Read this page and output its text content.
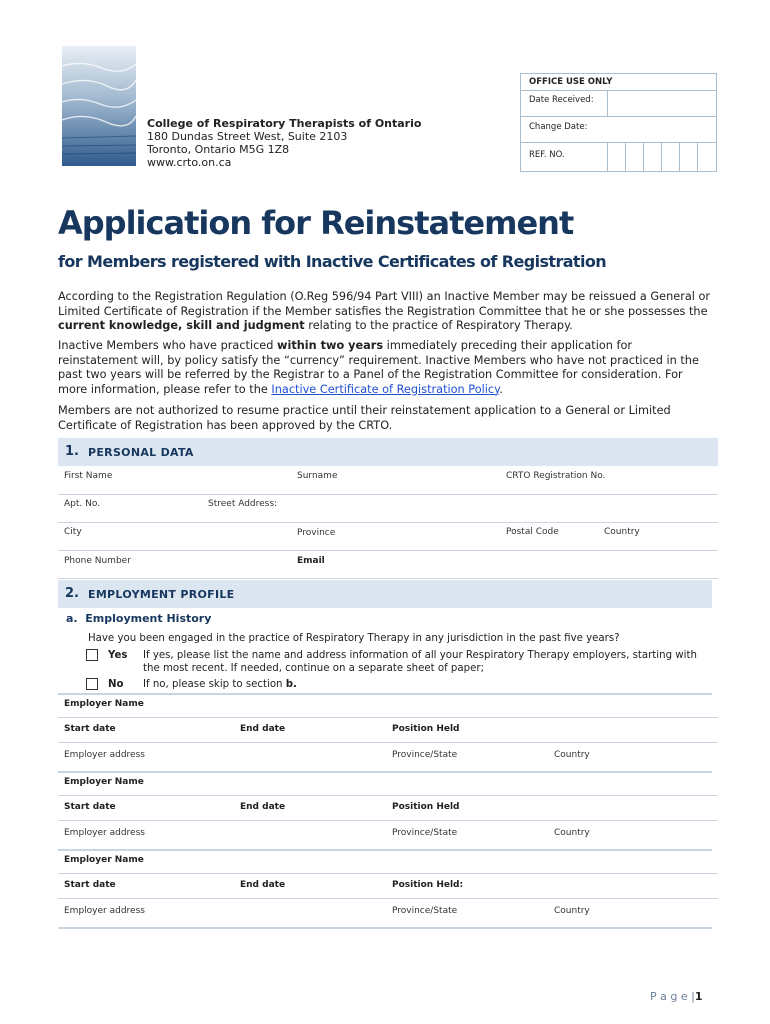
College of Respiratory Therapists of Ontario
180 Dundas Street West, Suite 2103
Toronto, Ontario M5G 1Z8
www.crto.on.ca
OFFICE USE ONLY
Date Received:
Change Date:
REF. NO.
Application for Reinstatement
for Members registered with Inactive Certificates of Registration
According to the Registration Regulation (O.Reg 596/94 Part VIII) an Inactive Member may be reissued a General or Limited Certificate of Registration if the Member satisfies the Registration Committee that he or she possesses the current knowledge, skill and judgment relating to the practice of Respiratory Therapy.
Inactive Members who have practiced within two years immediately preceding their application for reinstatement will, by policy satisfy the “currency” requirement. Inactive Members who have not practiced in the past two years will be referred by the Registrar to a Panel of the Registration Committee for consideration. For more information, please refer to the Inactive Certificate of Registration Policy.
Members are not authorized to resume practice until their reinstatement application to a General or Limited Certificate of Registration has been approved by the CRTO.
1. PERSONAL DATA
First Name	Surname	CRTO Registration No.
Apt. No.	Street Address:
City	Province	Postal Code	Country
Phone Number	Email
2. EMPLOYMENT PROFILE
a. Employment History
Have you been engaged in the practice of Respiratory Therapy in any jurisdiction in the past five years?
Yes If yes, please list the name and address information of all your Respiratory Therapy employers, starting with the most recent. If needed, continue on a separate sheet of paper;
No If no, please skip to section b.
Employer Name
Start date	End date	Position Held
Employer address	Province/State	Country
Employer Name
Start date	End date	Position Held
Employer address	Province/State	Country
Employer Name
Start date	End date	Position Held:
Employer address	Province/State	Country
P a g e |1
